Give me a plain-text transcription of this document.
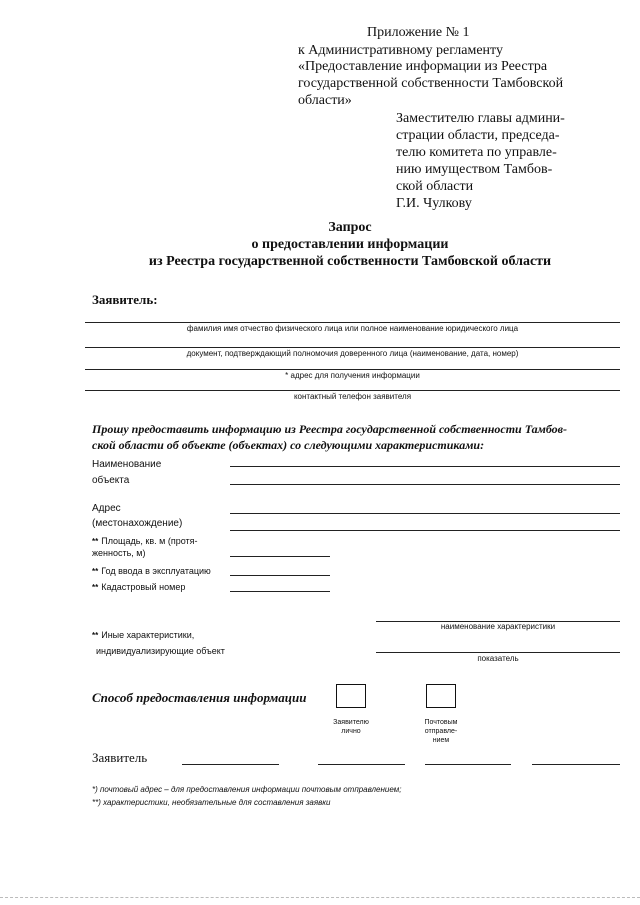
Приложение № 1
к Административному регламенту
«Предоставление информации из Реестра
государственной собственности Тамбовской
области»
Заместителю главы админи-
страции области, председа-
телю комитета по управле-
нию имуществом Тамбов-
ской области
Г.И. Чулкову
Запрос
о предоставлении информации
из Реестра государственной собственности Тамбовской области
Заявитель:
фамилия имя отчество физического лица или полное наименование юридического лица
документ, подтверждающий полномочия доверенного лица (наименование, дата, номер)
* адрес для получения информации
контактный телефон заявителя
Прошу предоставить информацию из Реестра государственной собственности Тамбов-
ской области об объекте (объектах) со следующими характеристиками:
Наименование
объекта
Адрес
(местонахождение)
** Площадь, кв. м (протя-
женность, м)
** Год ввода в эксплуатацию
** Кадастровый номер
** Иные характеристики,
индивидуализирующие объект
наименование характеристики
показатель
Способ предоставления информации
Заявителю
лично
Почтовым
отправле-
нием
Заявитель
*) почтовый адрес – для предоставления информации почтовым отправлением;
**) характеристики, необязательные для составления заявки
